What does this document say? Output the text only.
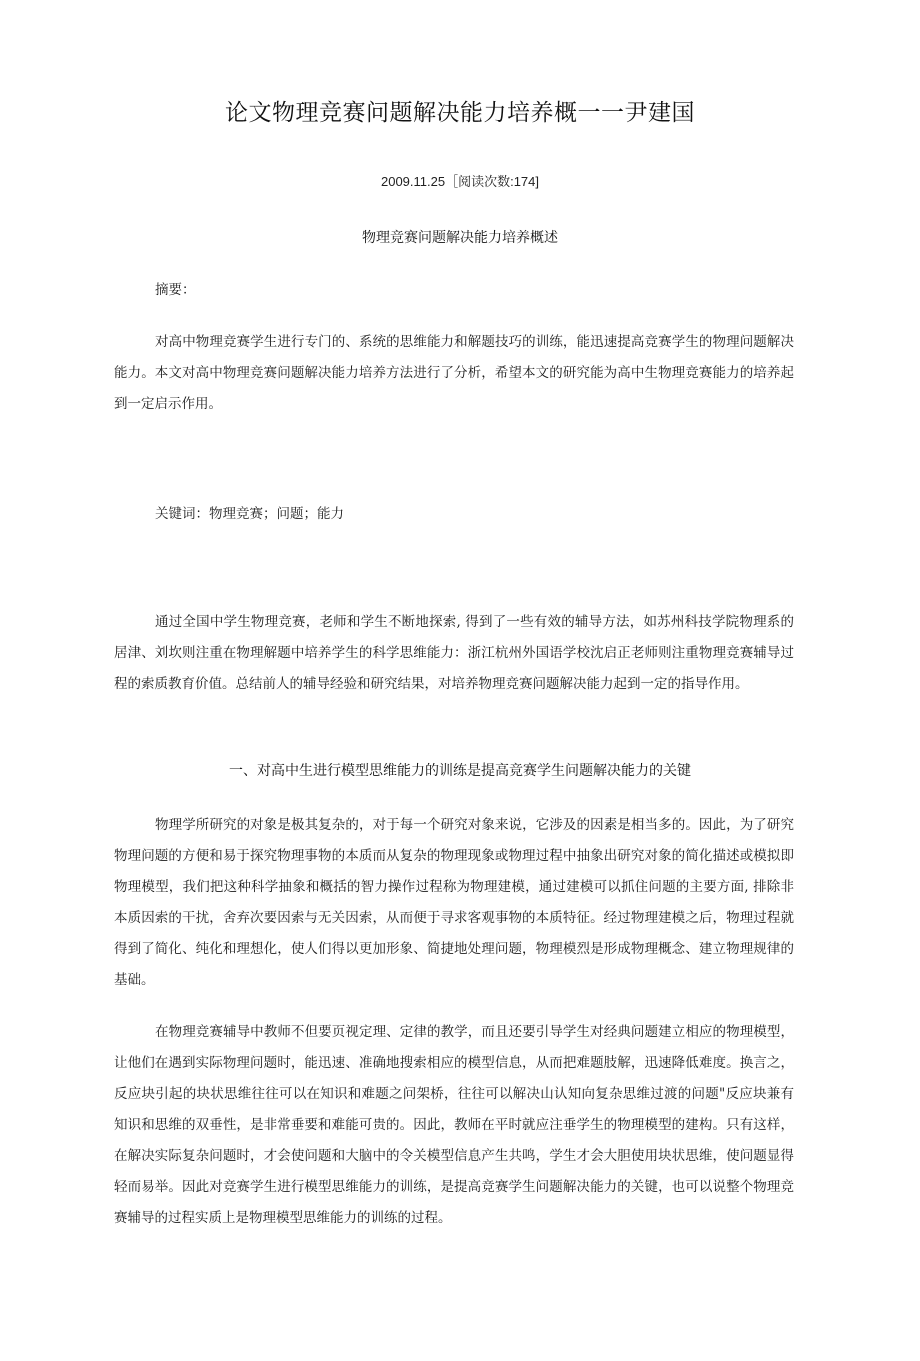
论文物理竞赛问题解决能力培养概一一尹建国
2009.11.25［阅读次数:174]
物理竞赛问题解决能力培养概述
摘要：
对高中物理竞赛学生进行专门的、系统的思维能力和解题技巧的训练，能迅速提高竞赛学生的物理问题解决能力。本文对高中物理竞赛问题解决能力培养方法进行了分析，希望本文的研究能为高中生物理竞赛能力的培养起到一定启示作用。
关键词：物理竞赛；问题；能力
通过全国中学生物理竞赛，老师和学生不断地探索, 得到了一些有效的辅导方法，如苏州科技学院物理系的居津、刘坎则注重在物理解题中培养学生的科学思维能力：浙江杭州外国语学校沈启正老师则注重物理竞赛辅导过程的索质教育价值。总结前人的辅导经验和研究结果，对培养物理竞赛问题解决能力起到一定的指导作用。
一、对高中生进行模型思维能力的训练是提高竞赛学生问题解决能力的关键
物理学所研究的对象是极其复杂的，对于每一个研究对象来说，它涉及的因素是相当多的。因此，为了研究物理问题的方便和易于探究物理事物的本质而从复杂的物理现象或物理过程中抽象出研究对象的简化描述或模拟即物理模型，我们把这种科学抽象和概括的智力操作过程称为物理建模，通过建模可以抓住问题的主要方面, 排除非本质因索的干扰，舍弃次要因索与无关因索，从而便于寻求客观事物的本质特征。经过物理建模之后，物理过程就得到了简化、纯化和理想化，使人们得以更加形象、简捷地处理问题，物理模烈是形成物理概念、建立物理规律的基础。
在物理竞赛辅导中教师不但要页视定理、定律的教学，而且还要引导学生对经典问题建立相应的物理模型，让他们在遇到实际物理问题时，能迅速、准确地搜索相应的模型信息，从而把难题肢解，迅速降低难度。换言之，反应块引起的块状思维往往可以在知识和难题之问架桥，往往可以解决山认知向复杂思维过渡的问题"反应块兼有知识和思维的双垂性，是非常垂要和难能可贵的。因此，教师在平时就应注垂学生的物理模型的建构。只有这样，在解决实际复杂问题时，才会使问题和大脑中的令关模型信息产生共鸣，学生才会大胆使用块状思维，使问题显得轻而易举。因此对竞赛学生进行模型思维能力的训练，是提高竞赛学生问题解决能力的关键，也可以说整个物理竞赛辅导的过程实质上是物理模型思维能力的训练的过程。
